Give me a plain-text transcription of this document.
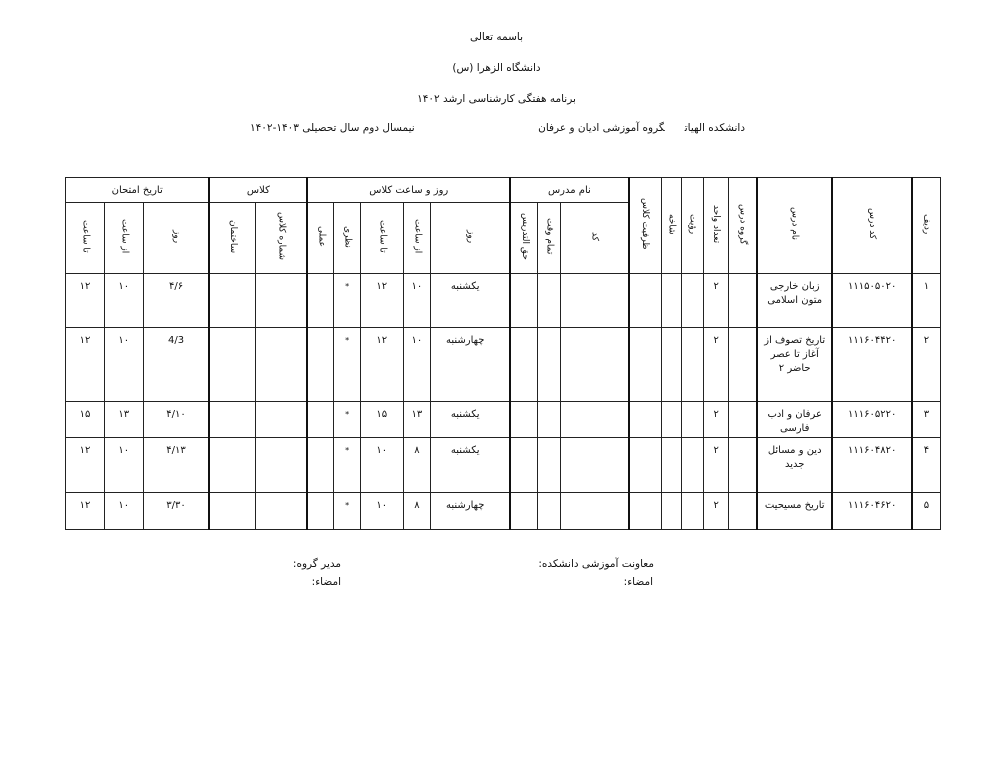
باسمه تعالی
دانشگاه الزهرا (س)
برنامه هفتگی کارشناسی ارشد ۱۴۰۲
دانشکده الهیاتگروه آموزشی ادیان و عرفان
نیمسال دوم سال تحصیلی ۱۴۰۳-۱۴۰۲
ردیف	کد درس	نام درس	گروه درس	تعداد واحد	رؤیت	شاخه	ظرفیت کلاس	نام مدرس			روز و ساعت کلاس					کلاس		تاریخ امتحان		
								کد	تمام وقت	حق التدریس	روز	از ساعت	تا ساعت	نظری	عملی	شماره کلاس	ساختمان	روز	از ساعت	تا ساعت
۱	۱۱۱۵۰۵۰۲۰	زبان خارجی متون اسلامی		۲							یکشنبه	۱۰	۱۲	*				۴/۶	۱۰	۱۲
۲	۱۱۱۶۰۴۴۲۰	تاریخ تصوف از آغاز تا عصر حاضر ۲		۲							چهارشنبه	۱۰	۱۲	*				4/3	۱۰	۱۲
۳	۱۱۱۶۰۵۲۲۰	عرفان و ادب فارسی		۲							یکشنبه	۱۳	۱۵	*				۴/۱۰	۱۳	۱۵
۴	۱۱۱۶۰۴۸۲۰	دین و مسائل جدید		۲							یکشنبه	۸	۱۰	*				۴/۱۳	۱۰	۱۲
۵	۱۱۱۶۰۴۶۲۰	تاریخ مسیحیت		۲							چهارشنبه	۸	۱۰	*				۳/۳۰	۱۰	۱۲
معاونت آموزشی دانشکده:
امضاء:
مدیر گروه:
امضاء:
